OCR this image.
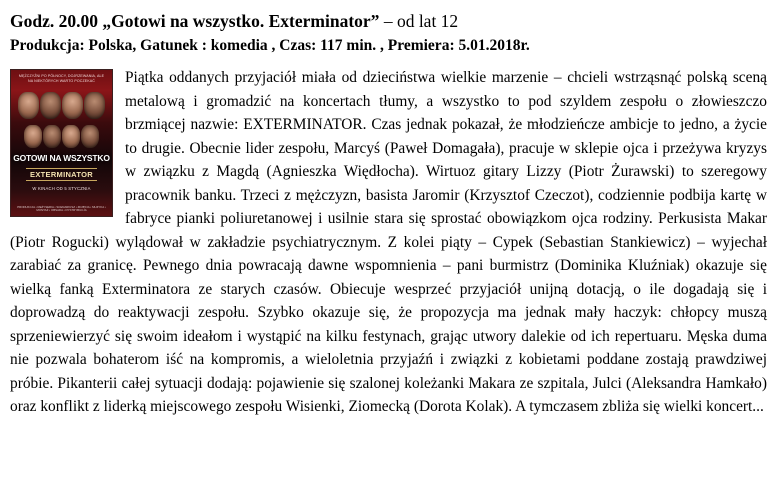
Godz. 20.00 „Gotowi na wszystko. Exterminator” – od lat 12
Produkcja: Polska, Gatunek : komedia , Czas: 117 min. , Premiera: 5.01.2018r.
MĘŻCZYŹNI PO PÓŁNOCY, DOJRZEWANIA, ALE NA NIEKTÓRYCH WARTO POCZEKAĆ
GOTOWI NA WSZYSTKO
EXTERMINATOR
W KINACH OD 5 STYCZNIA
PRODUKCJA • REŻYSERIA • SCENARIUSZ • ZDJĘCIA • MUZYKA • MONTAŻ • OBSADA • DYSTRYBUCJA
Piątka oddanych przyjaciół miała od dzieciństwa wielkie marzenie – chcieli wstrząsnąć polską sceną metalową i gromadzić na koncertach tłumy, a wszystko to pod szyldem zespołu o złowieszczo brzmiącej nazwie: EXTERMINATOR. Czas jednak pokazał, że młodzieńcze ambicje to jedno, a życie to drugie. Obecnie lider zespołu, Marcyś (Paweł Domagała), pracuje w sklepie ojca i przeżywa kryzys w związku z Magdą (Agnieszka Więdłocha). Wirtuoz gitary Lizzy (Piotr Żurawski) to szeregowy pracownik banku. Trzeci z mężczyzn, basista Jaromir (Krzysztof Czeczot), codziennie podbija kartę w fabryce pianki poliuretanowej i usilnie stara się sprostać obowiązkom ojca rodziny. Perkusista Makar (Piotr Rogucki) wylądował w zakładzie psychiatrycznym. Z kolei piąty – Cypek (Sebastian Stankiewicz) – wyjechał zarabiać za granicę. Pewnego dnia powracają dawne wspomnienia – pani burmistrz (Dominika Kluźniak) okazuje się wielką fanką Exterminatora ze starych czasów. Obiecuje wesprzeć przyjaciół unijną dotacją, o ile dogadają się i doprowadzą do reaktywacji zespołu. Szybko okazuje się, że propozycja ma jednak mały haczyk: chłopcy muszą sprzeniewierzyć się swoim ideałom i wystąpić na kilku festynach, grając utwory dalekie od ich repertuaru. Męska duma nie pozwala bohaterom iść na kompromis, a wieloletnia przyjaźń i związki z kobietami poddane zostają prawdziwej próbie. Pikanterii całej sytuacji dodają: pojawienie się szalonej koleżanki Makara ze szpitala, Julci (Aleksandra Hamkało) oraz konflikt z liderką miejscowego zespołu Wisienki, Ziomecką (Dorota Kolak). A tymczasem zbliża się wielki koncert...
